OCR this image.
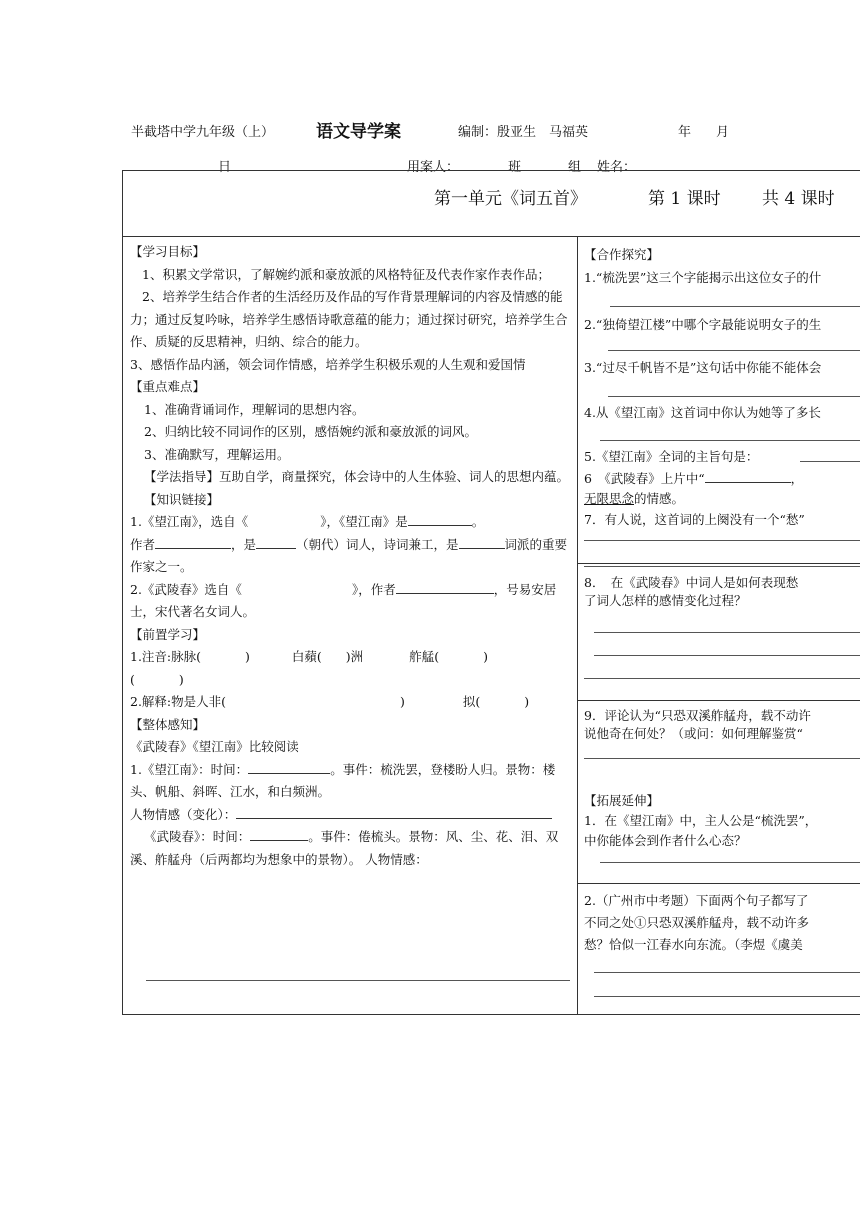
半截塔中学九年级（上） 语文导学案	编制：殷亚生　马福英	年 月
日	用案人：	班	组 姓名：
第一单元《词五首》	第 1 课时 共 4 课时

【学习目标】

1、积累文学常识，了解婉约派和豪放派的风格特征及代表作家作表作品；

2、培养学生结合作者的生活经历及作品的写作背景理解词的内容及情感的能力；通过反复吟咏，培养学生感悟诗歌意蕴的能力；通过探讨研究，培养学生合作、质疑的反思精神，归纳、综合的能力。

3、感悟作品内涵，领会词作情感，培养学生积极乐观的人生观和爱国情

【重点难点】

1、准确背诵词作，理解词的思想内容。

2、归纳比较不同词作的区别，感悟婉约派和豪放派的词风。

3、准确默写，理解运用。

【学法指导】互助自学，商量探究，体会诗中的人生体验、词人的思想内蕴。

【知识链接】

1.《望江南》，选自《	》，《望江南》是	。
作者	，是	（朝代）词人，诗词兼工，是	词派的重要作家之一。

2.《武陵春》选自《	》，作者	，号易安居士，宋代著名女词人。

【前置学习】

1.注音:脉脉(	)	白蘋( )洲	舴艋(	)
(	)

2.解释:物是人非(	)	拟(	)

【整体感知】

《武陵春》《望江南》比较阅读

1.《望江南》：时间：	。事件：梳洗罢，登楼盼人归。景物：楼头、帆船、斜晖、江水，和白频洲。

人物情感（变化）：

《武陵春》：时间：	。事件：倦梳头。景物：风、尘、花、泪、双溪、舴艋舟（后两都均为想象中的景物）。 人物情感：

【合作探究】
1.“梳洗罢”这三个字能揭示出这位女子的什
2.“独倚望江楼”中哪个字最能说明女子的生
3.“过尽千帆皆不是”这句话中你能不能体会
4.从《望江南》这首词中你认为她等了多长
5.《望江南》全词的主旨句是：
6　《武陵春》上片中“	，
无限思念的情感。
7．有人说，这首词的上阕没有一个“愁”
8．　在《武陵春》中词人是如何表现愁
了词人怎样的感情变化过程？
9．评论认为“只恐双溪舴艋舟，载不动许
说他奇在何处？（或问：如何理解鉴赏“
【拓展延伸】
1．在《望江南》中，主人公是“梳洗罢”，
中你能体会到作者什么心态？
2.（广州市中考题）下面两个句子都写了
不同之处①只恐双溪舴艋舟，载不动许多
愁？恰似一江春水向东流。（李煜《虞美
